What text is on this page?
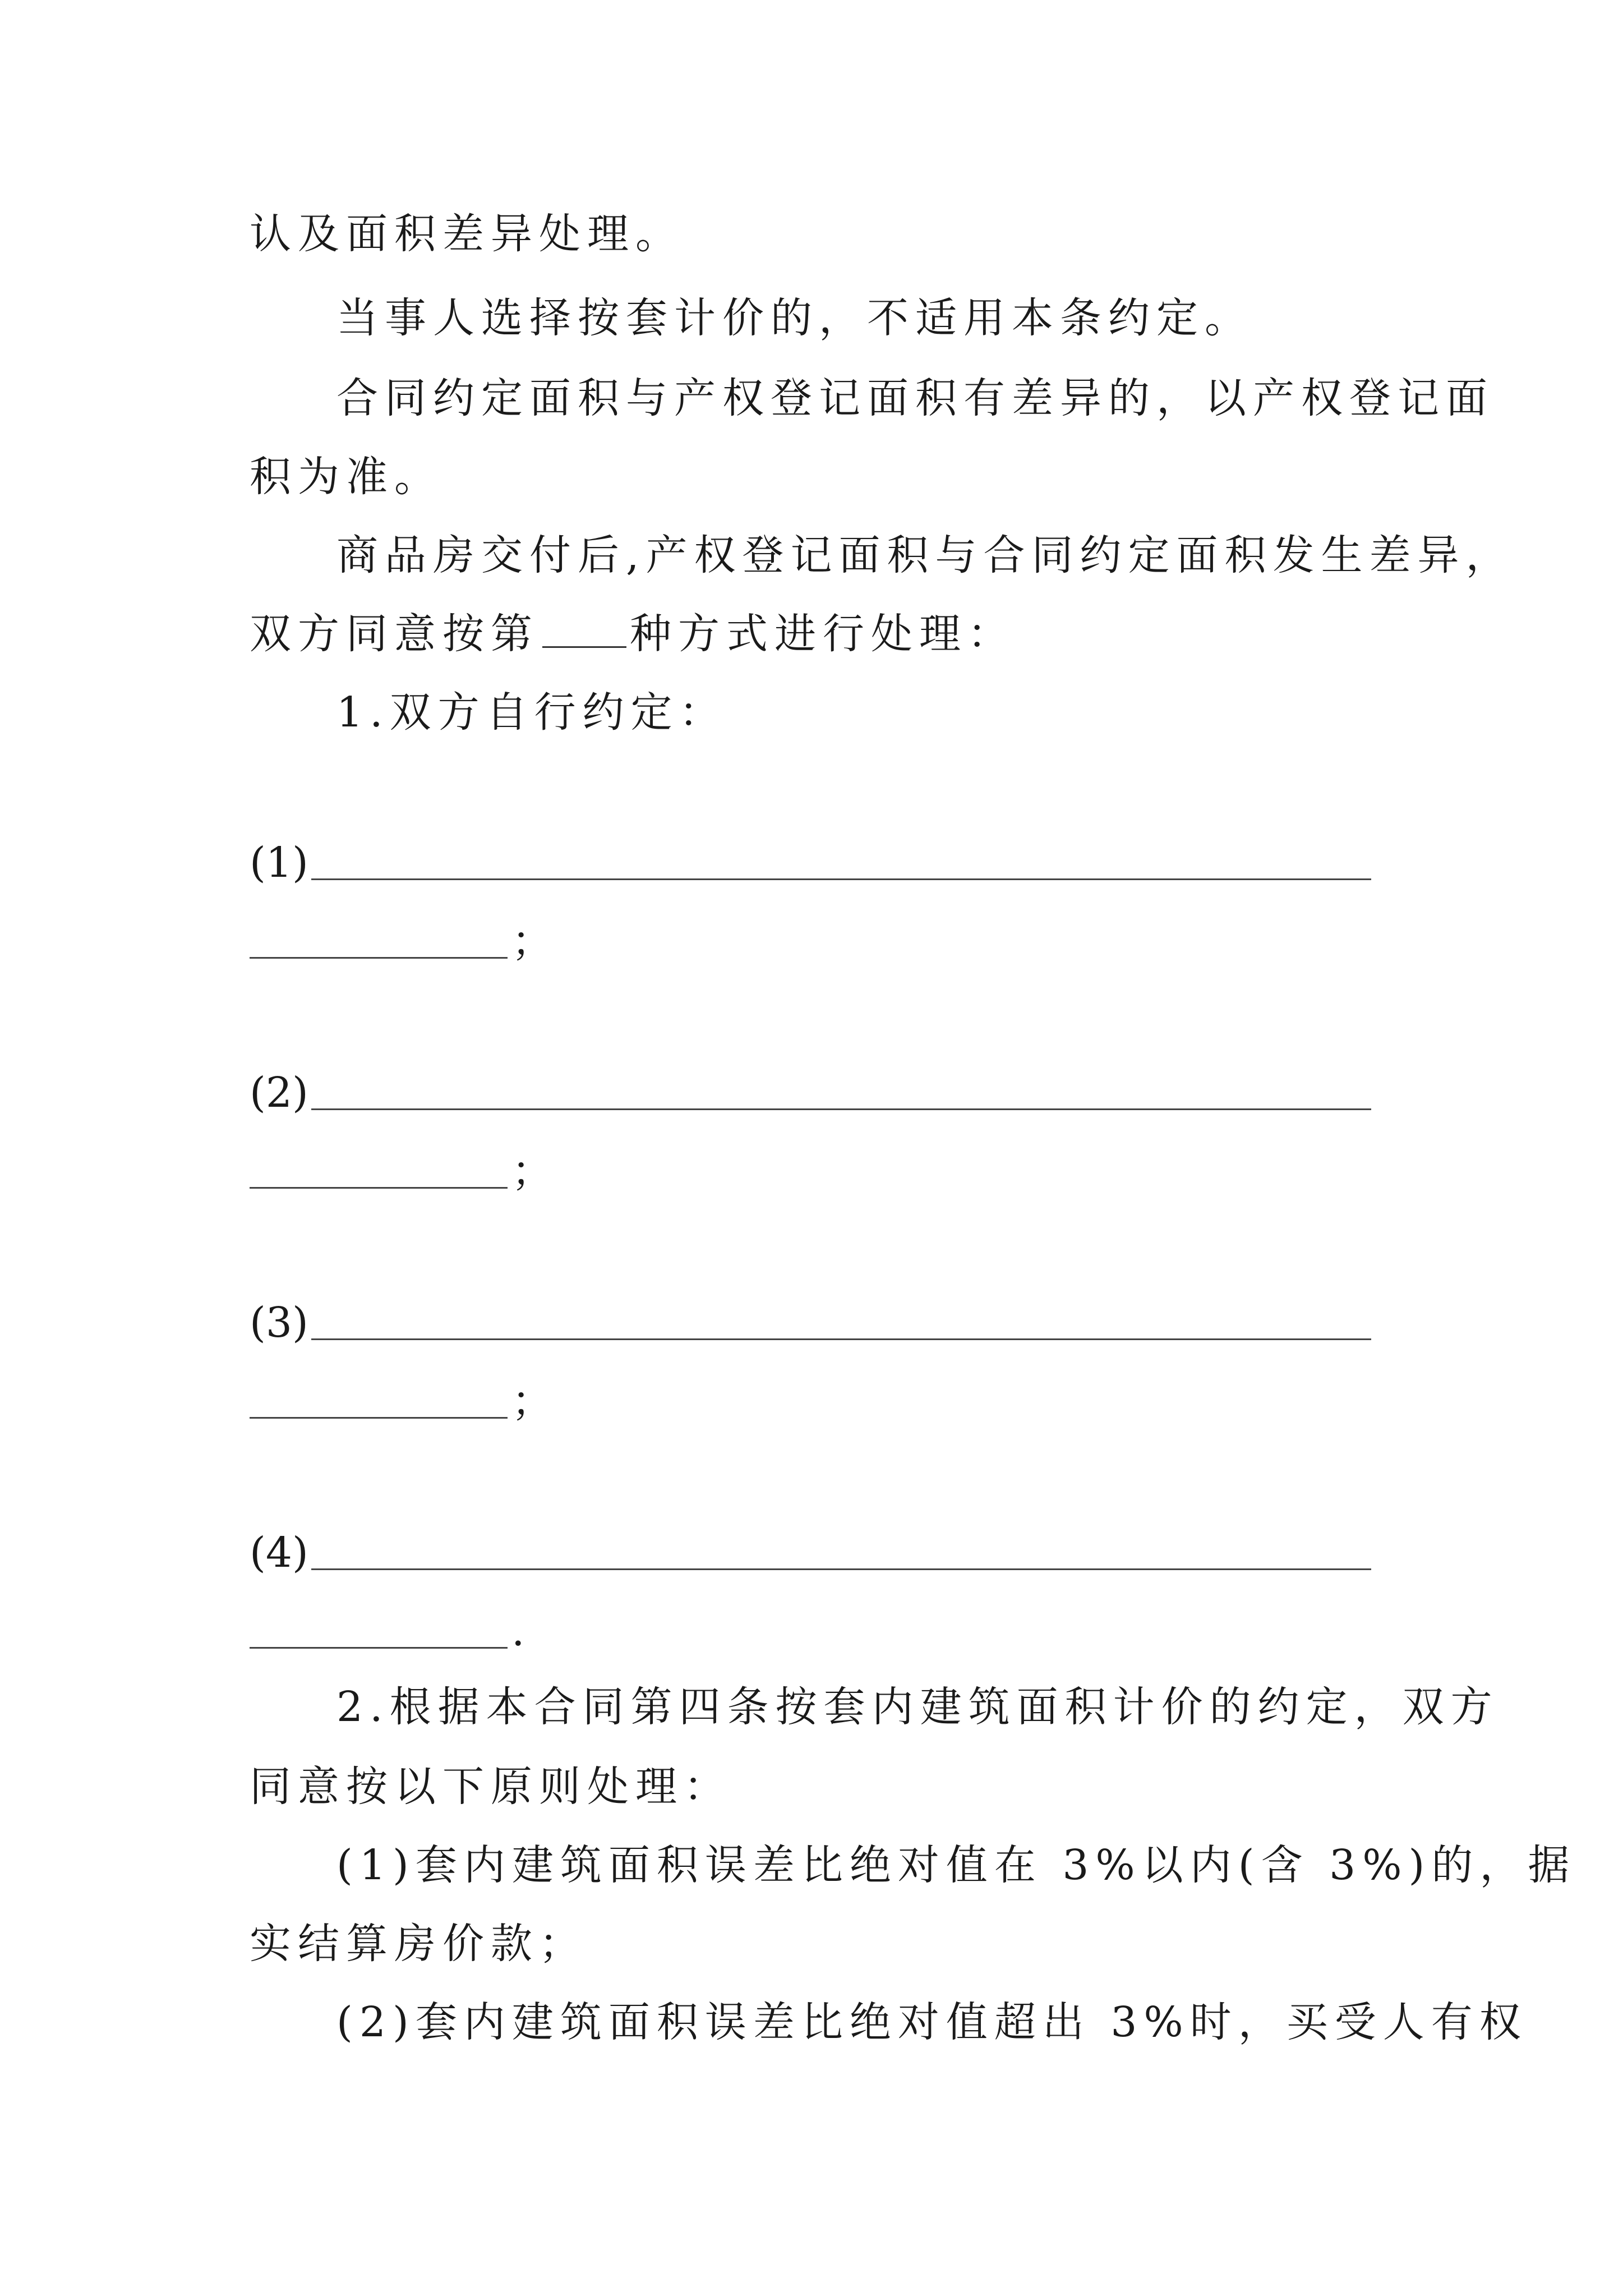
认及面积差异处理。
当事人选择按套计价的，不适用本条约定。
合同约定面积与产权登记面积有差异的，以产权登记面
积为准。
商品房交付后,产权登记面积与合同约定面积发生差异，
双方同意按第 种方式进行处理：
1.双方自行约定：
(1)
；
(2)
；
(3)
；
(4)
.
2.根据本合同第四条按套内建筑面积计价的约定，双方
同意按以下原则处理：
(1)套内建筑面积误差比绝对值在 3%以内(含 3%)的，据
实结算房价款；
(2)套内建筑面积误差比绝对值超出 3%时，买受人有权
